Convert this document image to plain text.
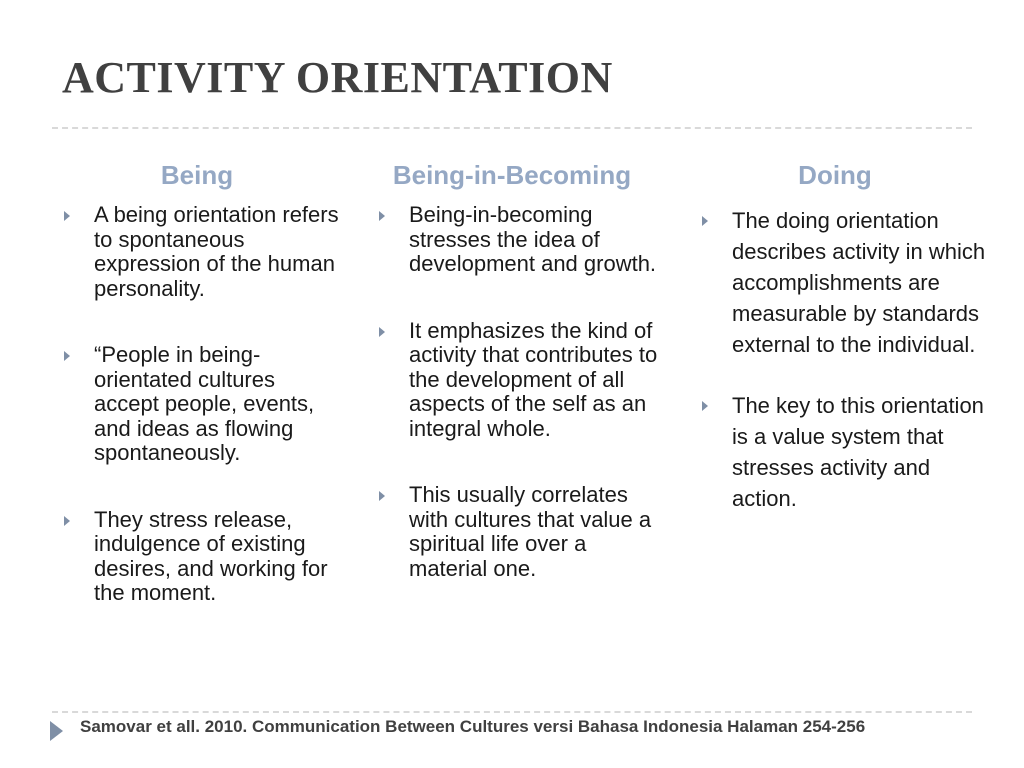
ACTIVITY ORIENTATION
Being
A being orientation refers to spontaneous expression of the human personality.
“People in being-orientated cultures accept people, events, and ideas as flowing spontaneously.
They stress release, indulgence of existing desires, and working for the moment.
Being-in-Becoming
Being-in-becoming stresses the idea of development and growth.
It emphasizes the kind of activity that contributes to the development of all aspects of the self as an integral whole.
This usually correlates with cultures that value a spiritual life over a material one.
Doing
The doing orientation describes activity in which accomplishments are measurable by standards external to the individual.
The key to this orientation is a value system that stresses activity and action.
Samovar et all. 2010. Communication Between Cultures versi Bahasa Indonesia Halaman 254-256
